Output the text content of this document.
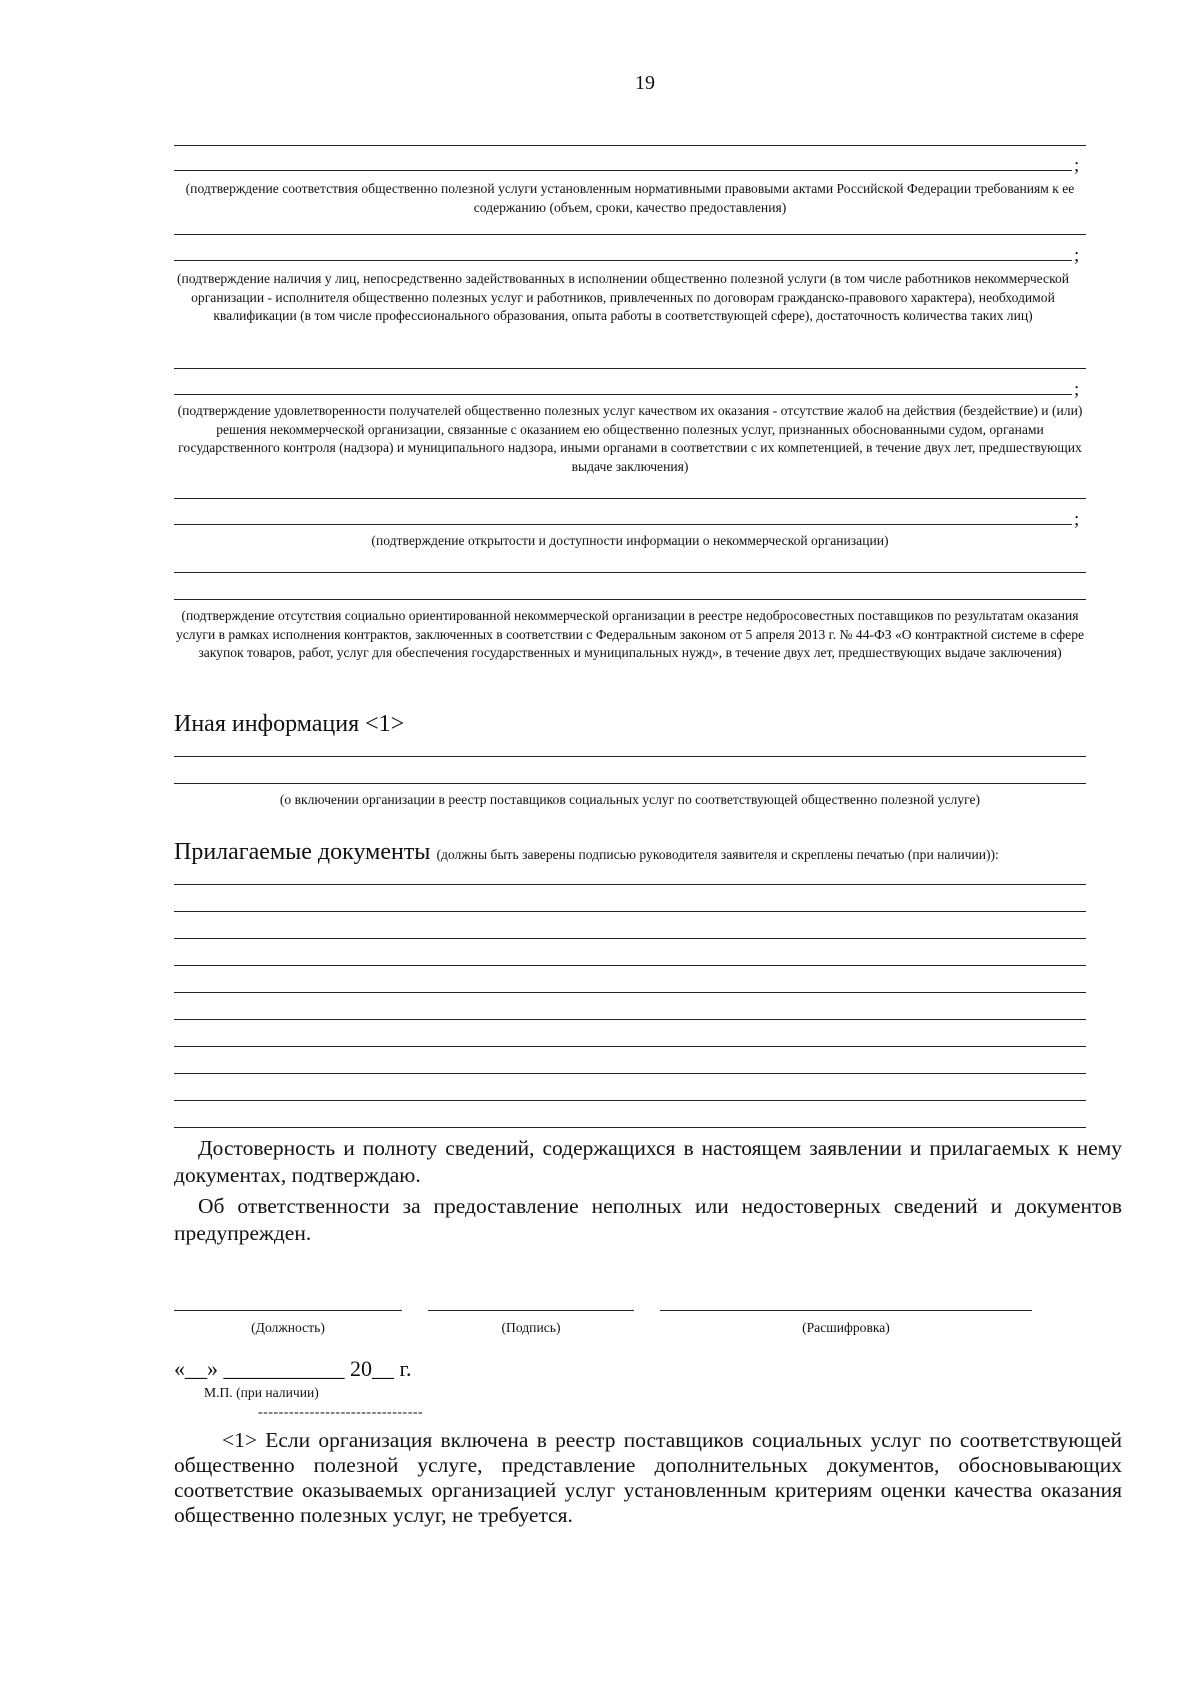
19
;
(подтверждение соответствия общественно полезной услуги установленным нормативными правовыми актами Российской Федерации требованиям к ее содержанию (объем, сроки, качество предоставления)
;
(подтверждение наличия у лиц, непосредственно задействованных в исполнении общественно полезной услуги (в том числе работников некоммерческой организации - исполнителя общественно полезных услуг и работников, привлеченных по договорам гражданско-правового характера), необходимой квалификации (в том числе профессионального образования, опыта работы в соответствующей сфере), достаточность количества таких лиц)
;
(подтверждение удовлетворенности получателей общественно полезных услуг качеством их оказания - отсутствие жалоб на действия (бездействие) и (или) решения некоммерческой организации, связанные с оказанием ею общественно полезных услуг, признанных обоснованными судом, органами государственного контроля (надзора) и муниципального надзора, иными органами в соответствии с их компетенцией, в течение двух лет, предшествующих выдаче заключения)
;
(подтверждение открытости и доступности информации о некоммерческой организации)
(подтверждение отсутствия социально ориентированной некоммерческой организации в реестре недобросовестных поставщиков по результатам оказания услуги в рамках исполнения контрактов, заключенных в соответствии с Федеральным законом от 5 апреля 2013 г. № 44-ФЗ «О контрактной системе в сфере закупок товаров, работ, услуг для обеспечения государственных и муниципальных нужд», в течение двух лет, предшествующих выдаче заключения)
Иная информация <1>
(о включении организации в реестр поставщиков социальных услуг по соответствующей общественно полезной услуге)
Прилагаемые документы (должны быть заверены подписью руководителя заявителя и скреплены печатью (при наличии)):
Достоверность и полноту сведений, содержащихся в настоящем заявлении и прилагаемых к нему документах, подтверждаю.
Об ответственности за предоставление неполных или недостоверных сведений и документов предупрежден.
(Должность)	(Подпись)	(Расшифровка)
«__» ___________ 20__ г.
М.П. (при наличии)
--------------------------------
<1> Если организация включена в реестр поставщиков социальных услуг по соответствующей общественно полезной услуге, представление дополнительных документов, обосновывающих соответствие оказываемых организацией услуг установленным критериям оценки качества оказания общественно полезных услуг, не требуется.
